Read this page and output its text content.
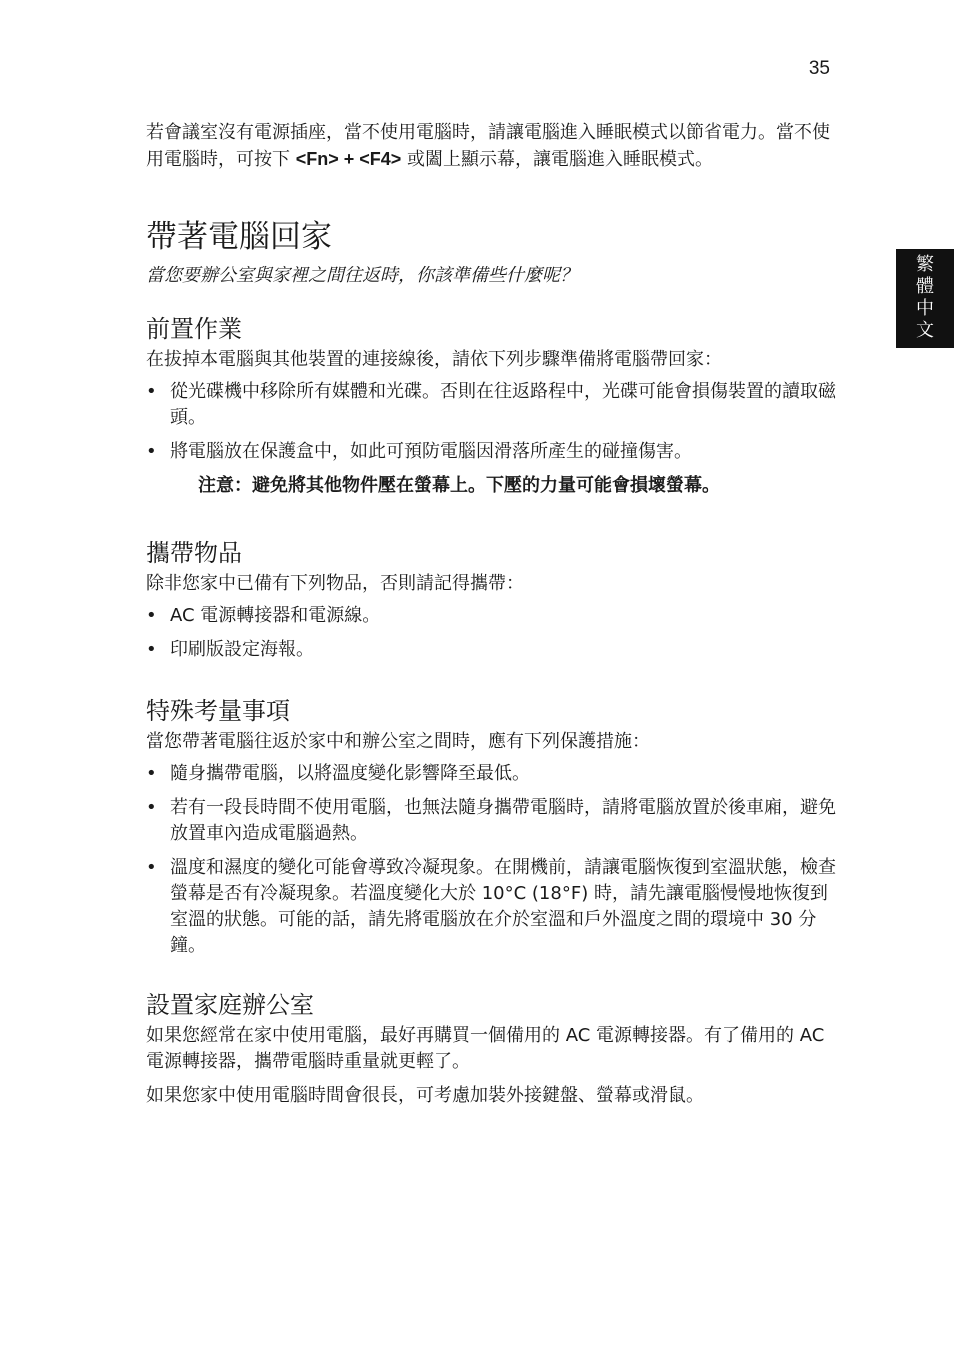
35
繁
體
中
文

若會議室沒有電源插座，當不使用電腦時，請讓電腦進入睡眠模式以節省電力。當不使用電腦時，可按下 <Fn> + <F4> 或闔上顯示幕，讓電腦進入睡眠模式。

帶著電腦回家
當您要辦公室與家裡之間往返時，你該準備些什麼呢？
前置作業

在拔掉本電腦與其他裝置的連接線後，請依下列步驟準備將電腦帶回家：

• 從光碟機中移除所有媒體和光碟。否則在往返路程中，光碟可能會損傷裝置的讀取磁頭。
• 將電腦放在保護盒中，如此可預防電腦因滑落所產生的碰撞傷害。
注意：避免將其他物件壓在螢幕上。下壓的力量可能會損壞螢幕。
攜帶物品

除非您家中已備有下列物品，否則請記得攜帶：

• AC 電源轉接器和電源線。
• 印刷版設定海報。
特殊考量事項

當您帶著電腦往返於家中和辦公室之間時，應有下列保護措施：

• 隨身攜帶電腦，以將溫度變化影響降至最低。
• 若有一段長時間不使用電腦，也無法隨身攜帶電腦時，請將電腦放置於後車廂，避免放置車內造成電腦過熱。
• 溫度和濕度的變化可能會導致冷凝現象。在開機前，請讓電腦恢復到室溫狀態，檢查螢幕是否有冷凝現象。若溫度變化大於 10°C (18°F) 時，請先讓電腦慢慢地恢復到室溫的狀態。可能的話，請先將電腦放在介於室溫和戶外溫度之間的環境中 30 分鐘。
設置家庭辦公室

如果您經常在家中使用電腦，最好再購買一個備用的 AC 電源轉接器。有了備用的 AC 電源轉接器，攜帶電腦時重量就更輕了。

如果您家中使用電腦時間會很長，可考慮加裝外接鍵盤、螢幕或滑鼠。
